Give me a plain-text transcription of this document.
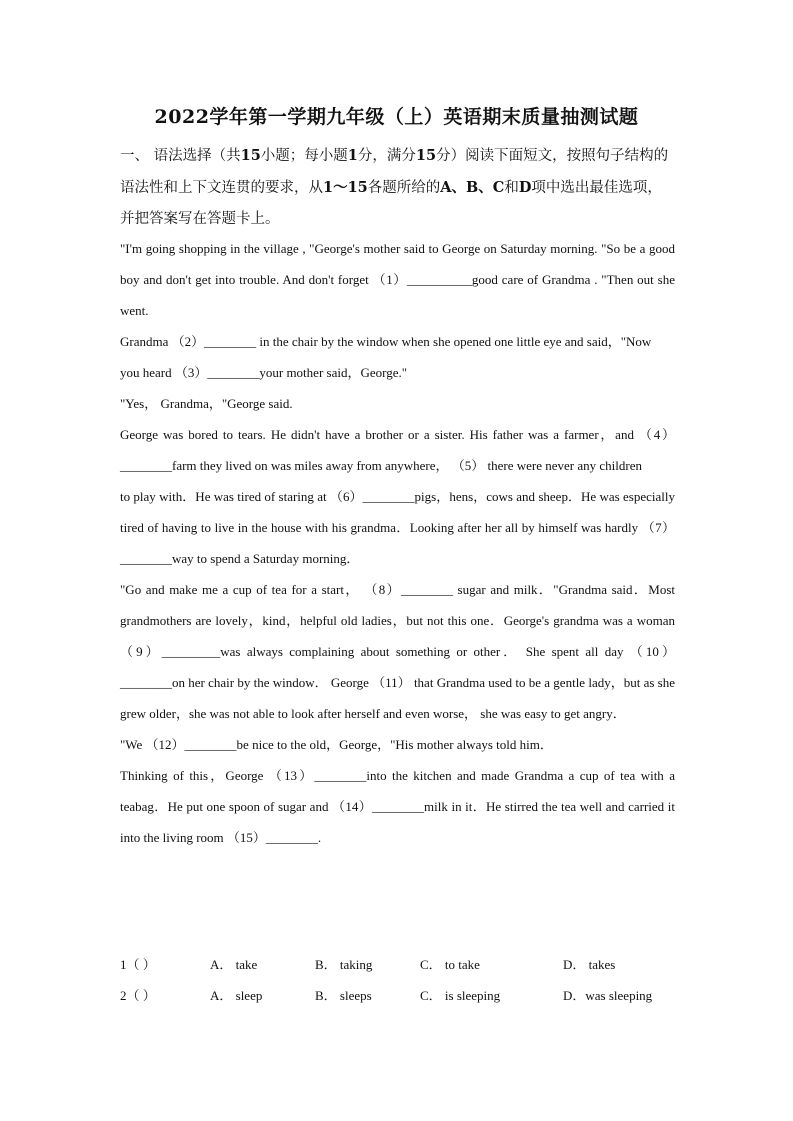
2022学年第一学期九年级（上）英语期末质量抽测试题
一、 语法选择（共15小题；每小题1分，满分15分）阅读下面短文，按照句子结构的语法性和上下文连贯的要求，从1～15各题所给的A、B、C和D项中选出最佳选项，并把答案写在答题卡上。

"I'm going shopping in the village , "George's mother said to George on Saturday morning. "So be a good boy and don't get into trouble. And don't forget （1）__________good care of Grandma . "Then out she went.

Grandma （2）________ in the chair by the window when she opened one little eye and said，"Now

you heard （3）________your mother said，George."

"Yes， Grandma，"George said.

George was bored to tears. He didn't have a brother or a sister. His father was a farmer，and （4）________farm they lived on was miles away from anywhere， （5） there were never any children

to play with．He was tired of staring at （6）________pigs，hens，cows and sheep．He was especially tired of having to live in the house with his grandma．Looking after her all by himself was hardly （7）________way to spend a Saturday morning．

"Go and make me a cup of tea for a start， （8）________ sugar and milk．"Grandma said．Most grandmothers are lovely，kind，helpful old ladies，but not this one．George's grandma was a woman （9）_________was always complaining about something or other． She spent all day （10）________on her chair by the window． George （11） that Grandma used to be a gentle lady，but as she grew older，she was not able to look after herself and even worse， she was easy to get angry．

"We （12）________be nice to the old，George，"His mother always told him．

Thinking of this，George （13）________into the kitchen and made Grandma a cup of tea with a teabag．He put one spoon of sugar and （14）________milk in it．He stirred the tea well and carried it into the living room （15）________.

1（ ）	A． take	B． taking	C． to take	D． takes
2（ ）	A． sleep	B． sleeps	C． is sleeping	D．was sleeping
